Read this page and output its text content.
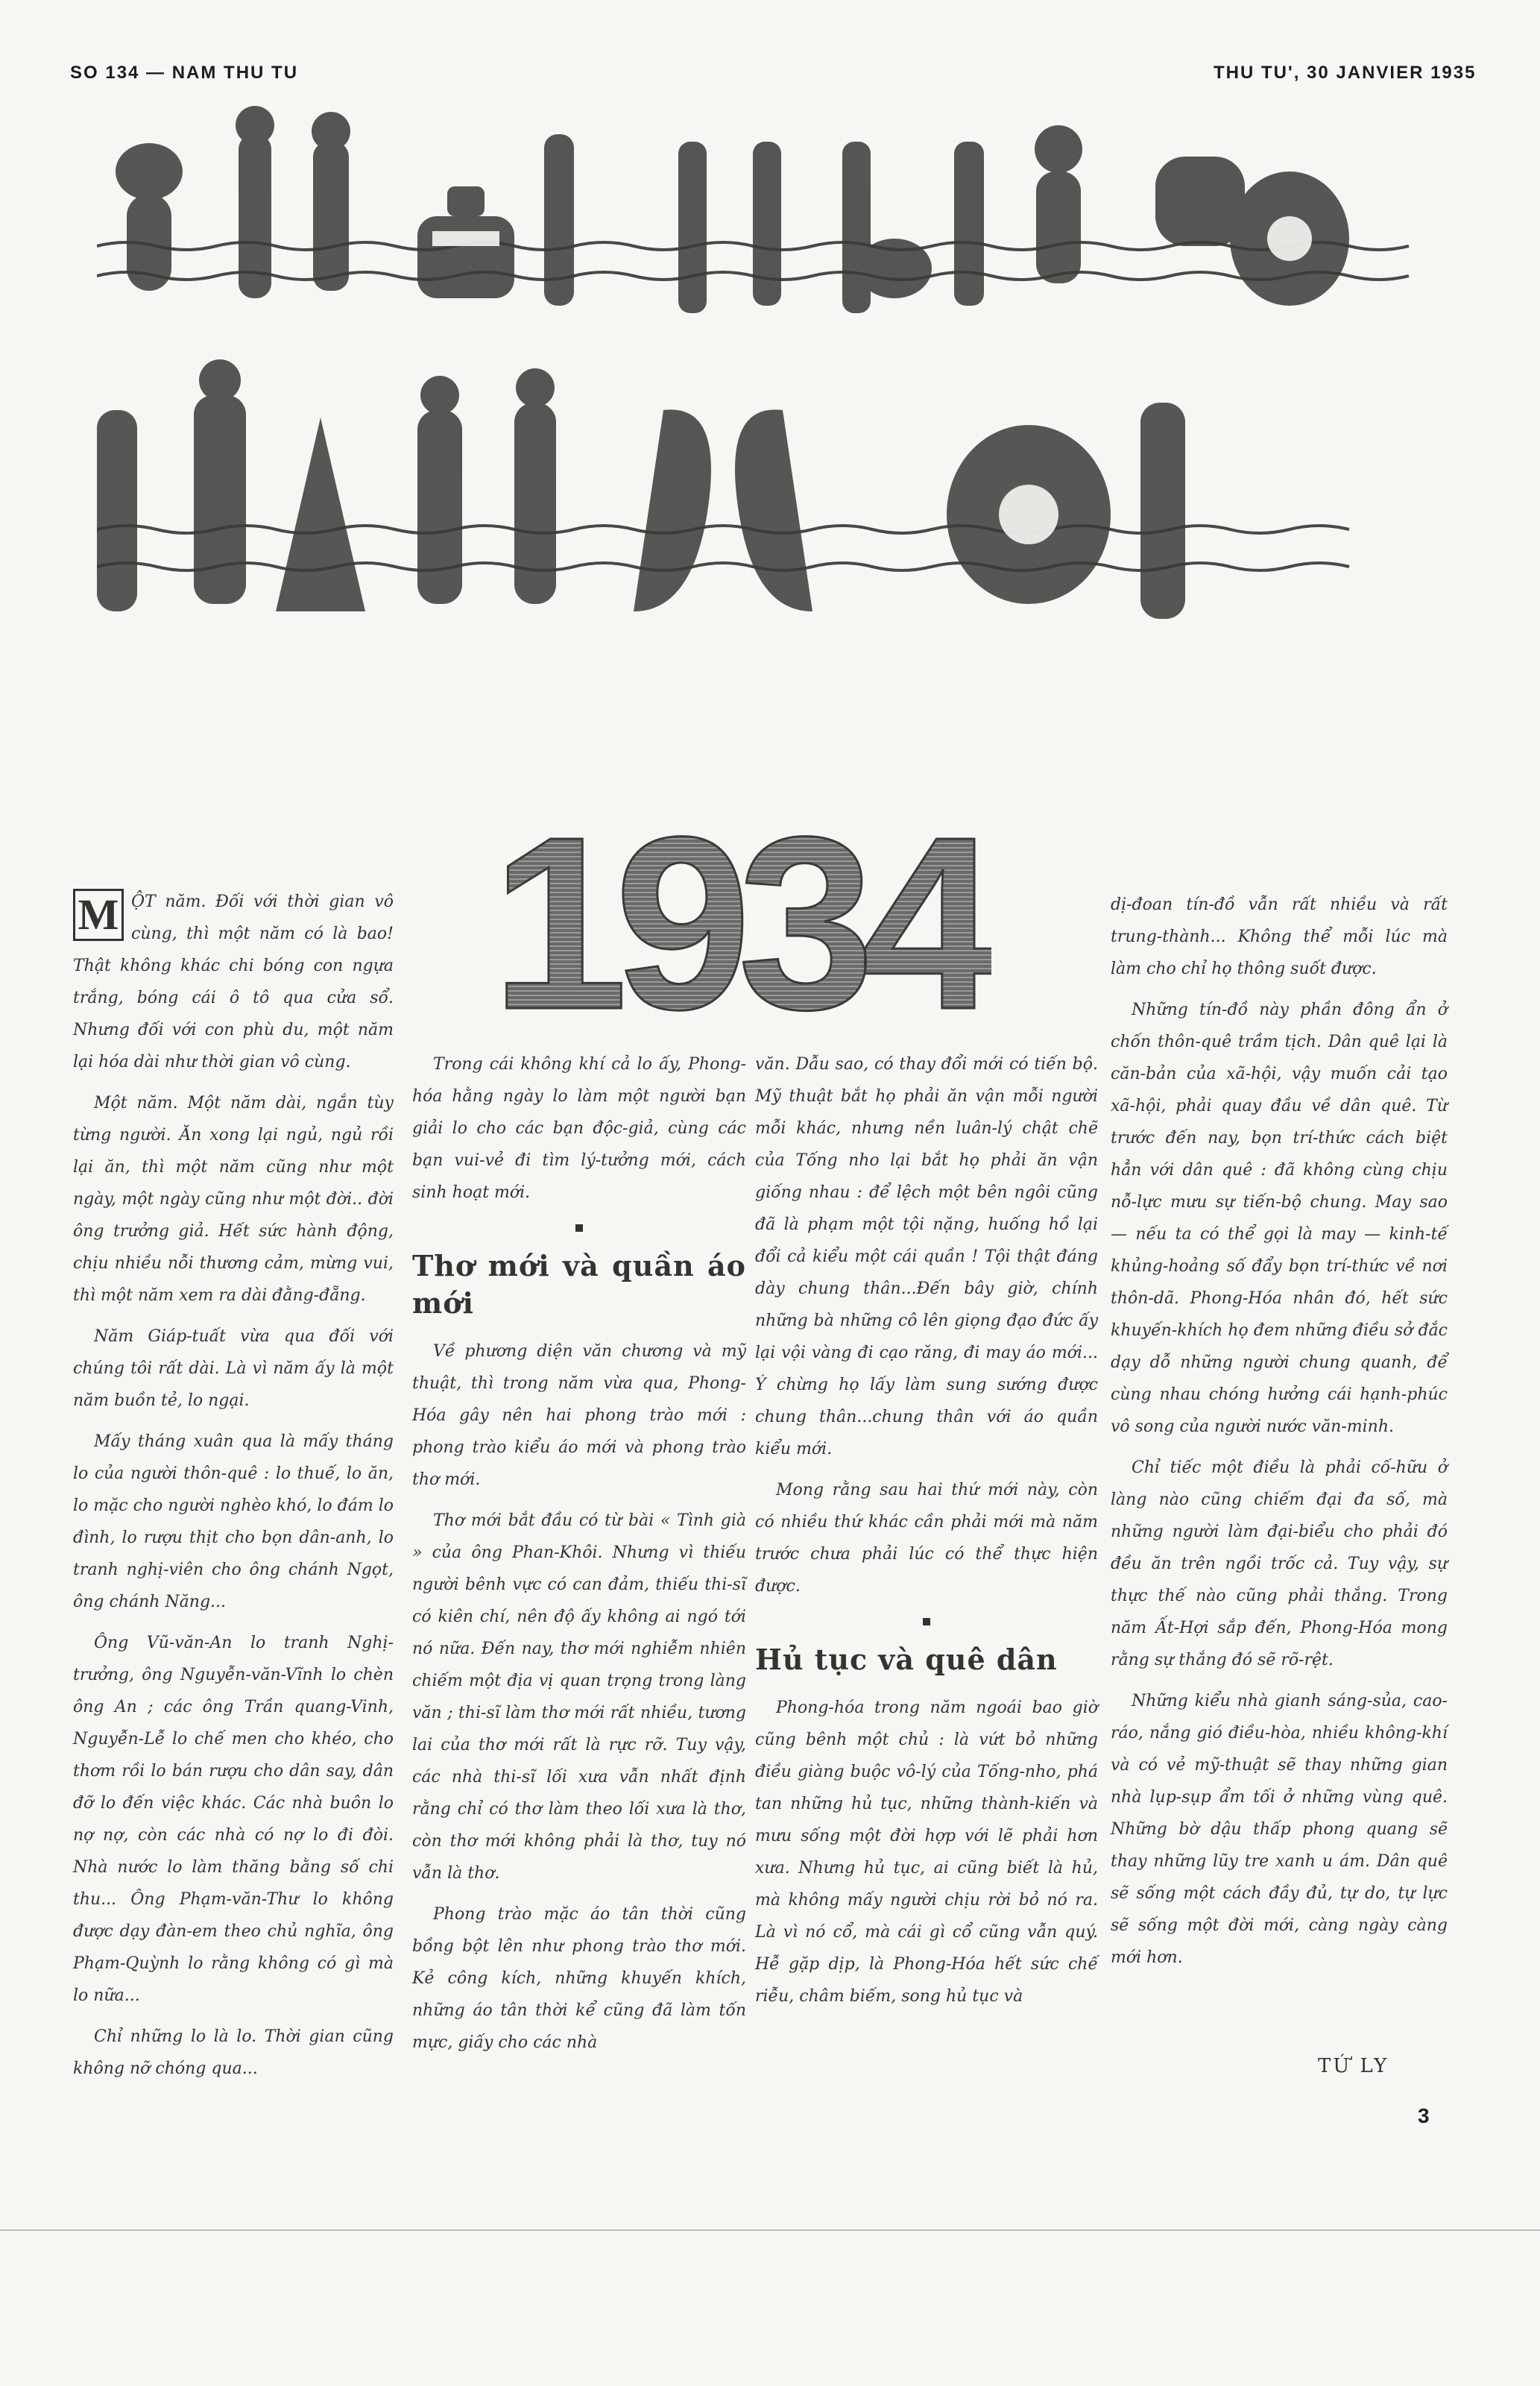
SO 134 — NAM THU TU	THU TU', 30 JANVIER 1935
CHÚC MỪNG
NĂM MỚI
1934

M ỘT năm. Đối với thời gian vô cùng, thì một năm có là bao! Thật không khác chi bóng con ngựa trắng, bóng cái ô tô qua cửa sổ. Nhưng đối với con phù du, một năm lại hóa dài như thời gian vô cùng.

Một năm. Một năm dài, ngắn tùy từng người. Ăn xong lại ngủ, ngủ rồi lại ăn, thì một năm cũng như một ngày, một ngày cũng như một đời.. đời ông trưởng giả. Hết sức hành động, chịu nhiều nỗi thương cảm, mừng vui, thì một năm xem ra dài đằng-đẵng.

Năm Giáp-tuất vừa qua đối với chúng tôi rất dài. Là vì năm ấy là một năm buồn tẻ, lo ngại.

Mấy tháng xuân qua là mấy tháng lo của người thôn-quê : lo thuế, lo ăn, lo mặc cho người nghèo khó, lo đám lo đình, lo rượu thịt cho bọn dân-anh, lo tranh nghị-viên cho ông chánh Ngọt, ông chánh Năng...

Ông Vũ-văn-An lo tranh Nghị-trưởng, ông Nguyễn-văn-Vĩnh lo chèn ông An ; các ông Trần quang-Vinh, Nguyễn-Lễ lo chế men cho khéo, cho thơm rồi lo bán rượu cho dân say, dân đỡ lo đến việc khác. Các nhà buôn lo nợ nợ, còn các nhà có nợ lo đi đòi. Nhà nước lo làm thăng bằng số chi thu... Ông Phạm-văn-Thư lo không được dạy đàn-em theo chủ nghĩa, ông Phạm-Quỳnh lo rằng không có gì mà lo nữa...

Chỉ những lo là lo. Thời gian cũng không nỡ chóng qua...

Trong cái không khí cả lo ấy, Phong-hóa hằng ngày lo làm một người bạn giải lo cho các bạn độc-giả, cùng các bạn vui-vẻ đi tìm lý-tưởng mới, cách sinh hoạt mới.

Thơ mới và quần áo mới

Về phương diện văn chương và mỹ thuật, thì trong năm vừa qua, Phong-Hóa gây nên hai phong trào mới : phong trào kiểu áo mới và phong trào thơ mới.

Thơ mới bắt đầu có từ bài « Tình già » của ông Phan-Khôi. Nhưng vì thiếu người bênh vực có can đảm, thiếu thi-sĩ có kiên chí, nên độ ấy không ai ngó tới nó nữa. Đến nay, thơ mới nghiễm nhiên chiếm một địa vị quan trọng trong làng văn ; thi-sĩ làm thơ mới rất nhiều, tương lai của thơ mới rất là rực rỡ. Tuy vậy, các nhà thi-sĩ lối xưa vẫn nhất định rằng chỉ có thơ làm theo lối xưa là thơ, còn thơ mới không phải là thơ, tuy nó vẫn là thơ.

Phong trào mặc áo tân thời cũng bồng bột lên như phong trào thơ mới. Kẻ công kích, những khuyến khích, những áo tân thời kể cũng đã làm tốn mực, giấy cho các nhà

văn. Dẫu sao, có thay đổi mới có tiến bộ. Mỹ thuật bắt họ phải ăn vận mỗi người mỗi khác, nhưng nền luân-lý chật chẽ của Tống nho lại bắt họ phải ăn vận giống nhau : để lệch một bên ngôi cũng đã là phạm một tội nặng, huống hồ lại đổi cả kiểu một cái quần ! Tội thật đáng dày chung thân...Đến bây giờ, chính những bà những cô lên giọng đạo đức ấy lại vội vàng đi cạo răng, đi may áo mới... Ý chừng họ lấy làm sung sướng được chung thân...chung thân với áo quần kiểu mới.

Mong rằng sau hai thứ mới này, còn có nhiều thứ khác cần phải mới mà năm trước chưa phải lúc có thể thực hiện được.

Hủ tục và quê dân

Phong-hóa trong năm ngoái bao giờ cũng bênh một chủ : là vứt bỏ những điều giàng buộc vô-lý của Tống-nho, phá tan những hủ tục, những thành-kiến và mưu sống một đời hợp với lẽ phải hơn xưa. Nhưng hủ tục, ai cũng biết là hủ, mà không mấy người chịu rời bỏ nó ra. Là vì nó cổ, mà cái gì cổ cũng vẫn quý. Hễ gặp dịp, là Phong-Hóa hết sức chế riễu, châm biếm, song hủ tục và

dị-đoan tín-đồ vẫn rất nhiều và rất trung-thành... Không thể mỗi lúc mà làm cho chỉ họ thông suốt được.

Những tín-đồ này phần đông ẩn ở chốn thôn-quê trầm tịch. Dân quê lại là căn-bản của xã-hội, vậy muốn cải tạo xã-hội, phải quay đầu về dân quê. Từ trước đến nay, bọn trí-thức cách biệt hẳn với dân quê : đã không cùng chịu nỗ-lực mưu sự tiến-bộ chung. May sao — nếu ta có thể gọi là may — kinh-tế khủng-hoảng số đẩy bọn trí-thức về nơi thôn-dã. Phong-Hóa nhân đó, hết sức khuyến-khích họ đem những điều sở đắc dạy dỗ những người chung quanh, để cùng nhau chóng hưởng cái hạnh-phúc vô song của người nước văn-minh.

Chỉ tiếc một điều là phải cố-hữu ở làng nào cũng chiếm đại đa số, mà những người làm đại-biểu cho phải đó đều ăn trên ngồi trốc cả. Tuy vậy, sự thực thế nào cũng phải thắng. Trong năm Ất-Hợi sắp đến, Phong-Hóa mong rằng sự thắng đó sẽ rõ-rệt.

Những kiểu nhà gianh sáng-sủa, cao-ráo, nắng gió điều-hòa, nhiều không-khí và có vẻ mỹ-thuật sẽ thay những gian nhà lụp-sụp ẩm tối ở những vùng quê. Những bờ dậu thấp phong quang sẽ thay những lũy tre xanh u ám. Dân quê sẽ sống một cách đầy đủ, tự do, tự lực sẽ sống một đời mới, càng ngày càng mới hơn.

TỨ LY
3
